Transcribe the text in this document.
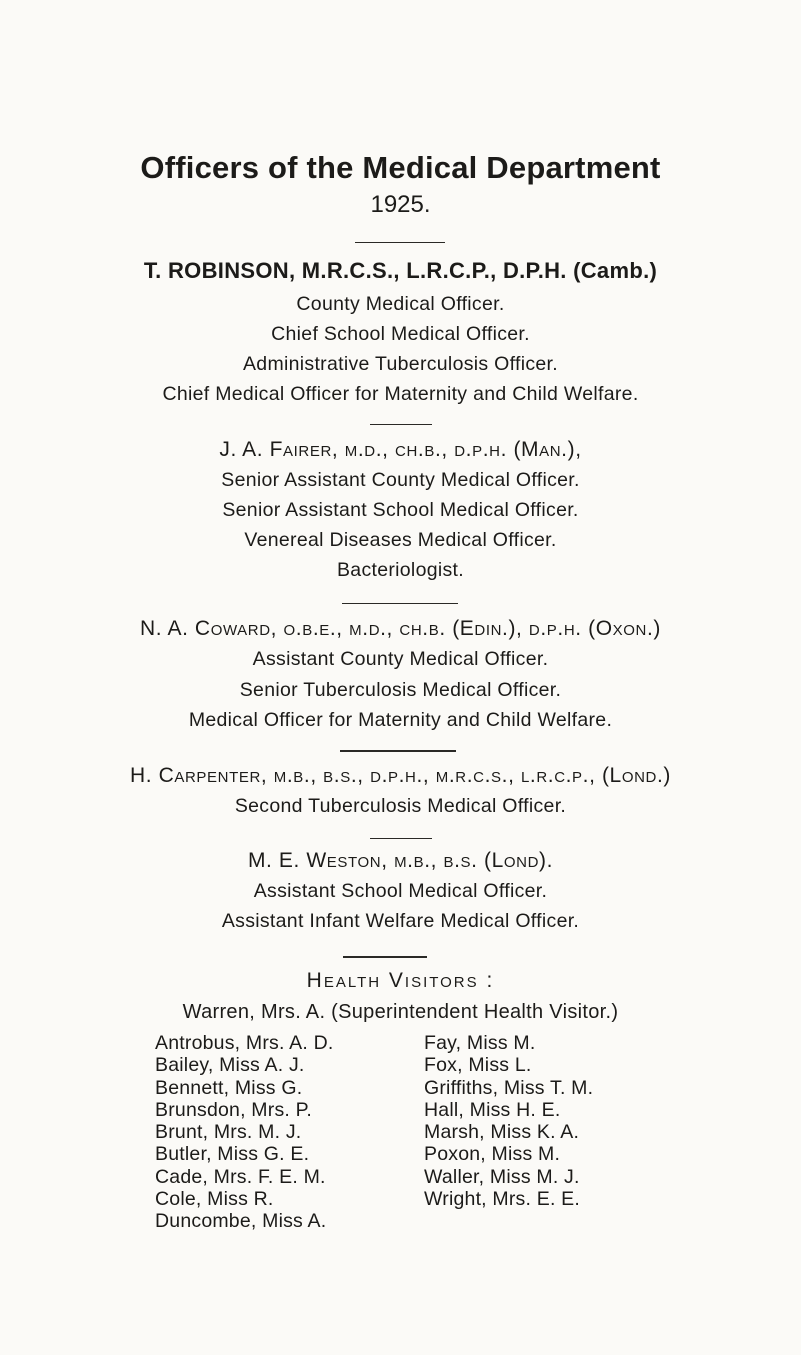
Officers of the Medical Department
1925.
T. ROBINSON, M.R.C.S., L.R.C.P., D.P.H. (Camb.)
County Medical Officer.
Chief School Medical Officer.
Administrative Tuberculosis Officer.
Chief Medical Officer for Maternity and Child Welfare.
J. A. Fairer, m.d., ch.b., d.p.h. (Man.),
Senior Assistant County Medical Officer.
Senior Assistant School Medical Officer.
Venereal Diseases Medical Officer.
Bacteriologist.
N. A. Coward, o.b.e., m.d., ch.b. (Edin.), d.p.h. (Oxon.)
Assistant County Medical Officer.
Senior Tuberculosis Medical Officer.
Medical Officer for Maternity and Child Welfare.
H. Carpenter, m.b., b.s., d.p.h., m.r.c.s., l.r.c.p., (Lond.)
Second Tuberculosis Medical Officer.
M. E. Weston, m.b., b.s. (Lond).
Assistant School Medical Officer.
Assistant Infant Welfare Medical Officer.
Health Visitors :
Warren, Mrs. A. (Superintendent Health Visitor.)
Antrobus, Mrs. A. D.
Bailey, Miss A. J.
Bennett, Miss G.
Brunsdon, Mrs. P.
Brunt, Mrs. M. J.
Butler, Miss G. E.
Cade, Mrs. F. E. M.
Cole, Miss R.
Duncombe, Miss A.
Fay, Miss M.
Fox, Miss L.
Griffiths, Miss T. M.
Hall, Miss H. E.
Marsh, Miss K. A.
Poxon, Miss M.
Waller, Miss M. J.
Wright, Mrs. E. E.
